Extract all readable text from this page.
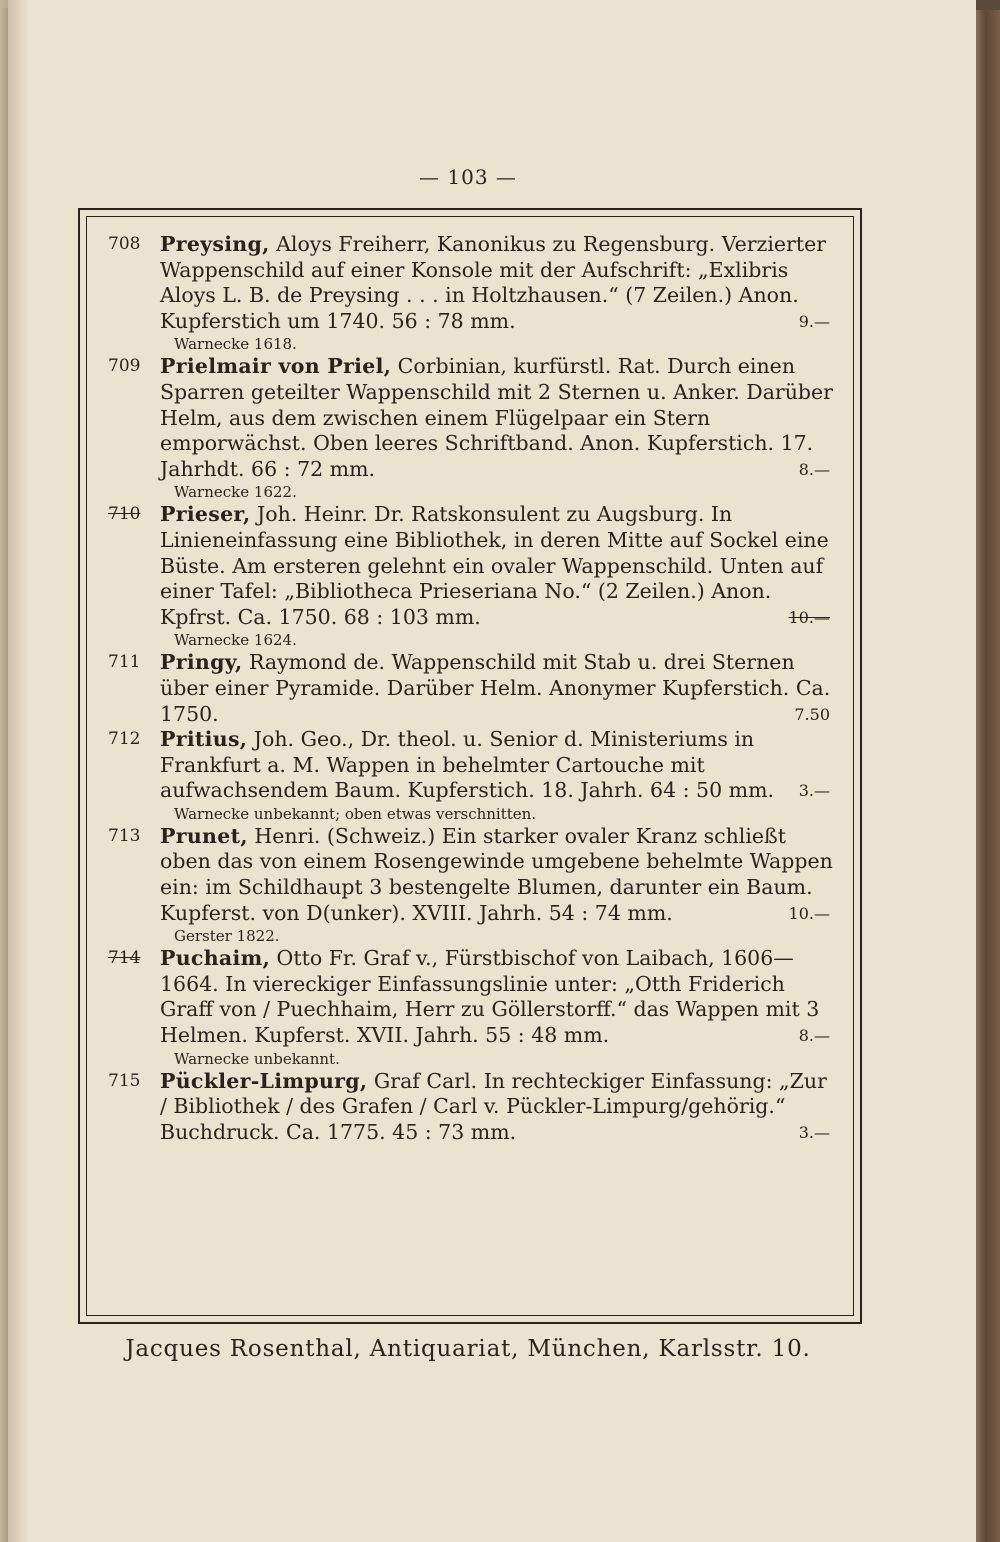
— 103 —
708 Preysing, Aloys Freiherr, Kanonikus zu Regensburg. Verzierter Wappenschild auf einer Konsole mit der Aufschrift: „Exlibris Aloys L. B. de Preysing . . . in Holtzhausen.“ (7 Zeilen.) Anon. Kupferstich um 1740. 56 : 78 mm.	9.—
Warnecke 1618.
709 Prielmair von Priel, Corbinian, kurfürstl. Rat. Durch einen Sparren geteilter Wappenschild mit 2 Sternen u. Anker. Darüber Helm, aus dem zwischen einem Flügelpaar ein Stern emporwächst. Oben leeres Schriftband. Anon. Kupferstich. 17. Jahrhdt. 66 : 72 mm.	8.—
Warnecke 1622.
710 Prieser, Joh. Heinr. Dr. Ratskonsulent zu Augsburg. In Linieneinfassung eine Bibliothek, in deren Mitte auf Sockel eine Büste. Am ersteren gelehnt ein ovaler Wappenschild. Unten auf einer Tafel: „Bibliotheca Prieseriana No.“ (2 Zeilen.) Anon. Kpfrst. Ca. 1750. 68 : 103 mm.	10.—
Warnecke 1624.
711 Pringy, Raymond de. Wappenschild mit Stab u. drei Sternen über einer Pyramide. Darüber Helm. Anonymer Kupferstich. Ca. 1750.	7.50
712 Pritius, Joh. Geo., Dr. theol. u. Senior d. Ministeriums in Frankfurt a. M. Wappen in behelmter Cartouche mit aufwachsendem Baum. Kupferstich. 18. Jahrh. 64 : 50 mm. 3.—
Warnecke unbekannt; oben etwas verschnitten.
713 Prunet, Henri. (Schweiz.) Ein starker ovaler Kranz schließt oben das von einem Rosengewinde umgebene behelmte Wappen ein: im Schildhaupt 3 bestengelte Blumen, darunter ein Baum. Kupferst. von D(unker). XVIII. Jahrh. 54 : 74 mm.	10.—
Gerster 1822.
714 Puchaim, Otto Fr. Graf v., Fürstbischof von Laibach, 1606—1664. In viereckiger Einfassungslinie unter: „Otth Friderich Graff von / Puechhaim, Herr zu Göllerstorff.“ das Wappen mit 3 Helmen. Kupferst. XVII. Jahrh. 55 : 48 mm.	8.—
Warnecke unbekannt.
715 Pückler-Limpurg, Graf Carl. In rechteckiger Einfassung: „Zur / Bibliothek / des Grafen / Carl v. Pückler-Limpurg/gehörig.“ Buchdruck. Ca. 1775. 45 : 73 mm.	3.—
Jacques Rosenthal, Antiquariat, München, Karlsstr. 10.
